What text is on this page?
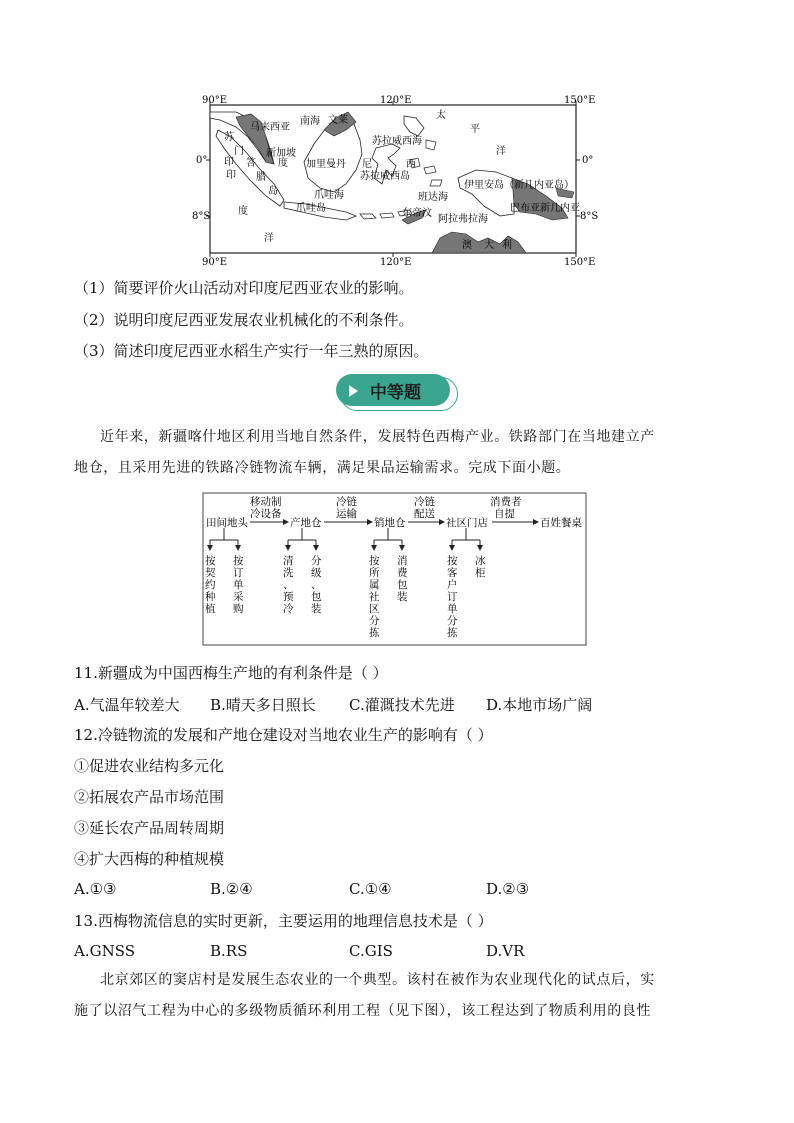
90°E	120°E	150°E
90°E	120°E	150°E
0°
8°S
0°
8°S
马来西亚
南海 文莱
苏拉威西海
太
平
洋
新加坡
加里曼丹 尼	西
苏拉威西岛
伊里安岛（新几内亚岛）
爪哇海	班达海
巴布亚新几内亚
爪哇岛	东帝汶
阿拉弗拉海
苏
门
答
腊
岛
度
印
印
度
洋
澳 大 利
（1）简要评价火山活动对印度尼西亚农业的影响。
（2）说明印度尼西亚发展农业机械化的不利条件。
（3）简述印度尼西亚水稻生产实行一年三熟的原因。
中等题
近年来，新疆喀什地区利用当地自然条件，发展特色西梅产业。铁路部门在当地建立产
地仓，且采用先进的铁路冷链物流车辆，满足果品运输需求。完成下面小题。
田间地头	产地仓	销地仓	社区门店	百姓餐桌
移动制
冷设备
冷链
运输
冷链
配送
消费者
自提
按
契
约
种
植
按
订
单
采
购
清
洗
、
预
冷
分
级
、
包
装
按
所
属
社
区
分
拣
消
费
包
装
按
客
户
订
单
分
拣
冰
柜
11.新疆成为中国西梅生产地的有利条件是（ ）
A.气温年较差大 B.晴天多日照长 C.灌溉技术先进 D.本地市场广阔
12.冷链物流的发展和产地仓建设对当地农业生产的影响有（ ）
①促进农业结构多元化
②拓展农产品市场范围
③延长农产品周转周期
④扩大西梅的种植规模
A.①③	B.②④	C.①④	D.②③
13.西梅物流信息的实时更新，主要运用的地理信息技术是（ ）
A.GNSS	B.RS	C.GIS	D.VR
北京郊区的窦店村是发展生态农业的一个典型。该村在被作为农业现代化的试点后，实
施了以沼气工程为中心的多级物质循环利用工程（见下图），该工程达到了物质利用的良性
